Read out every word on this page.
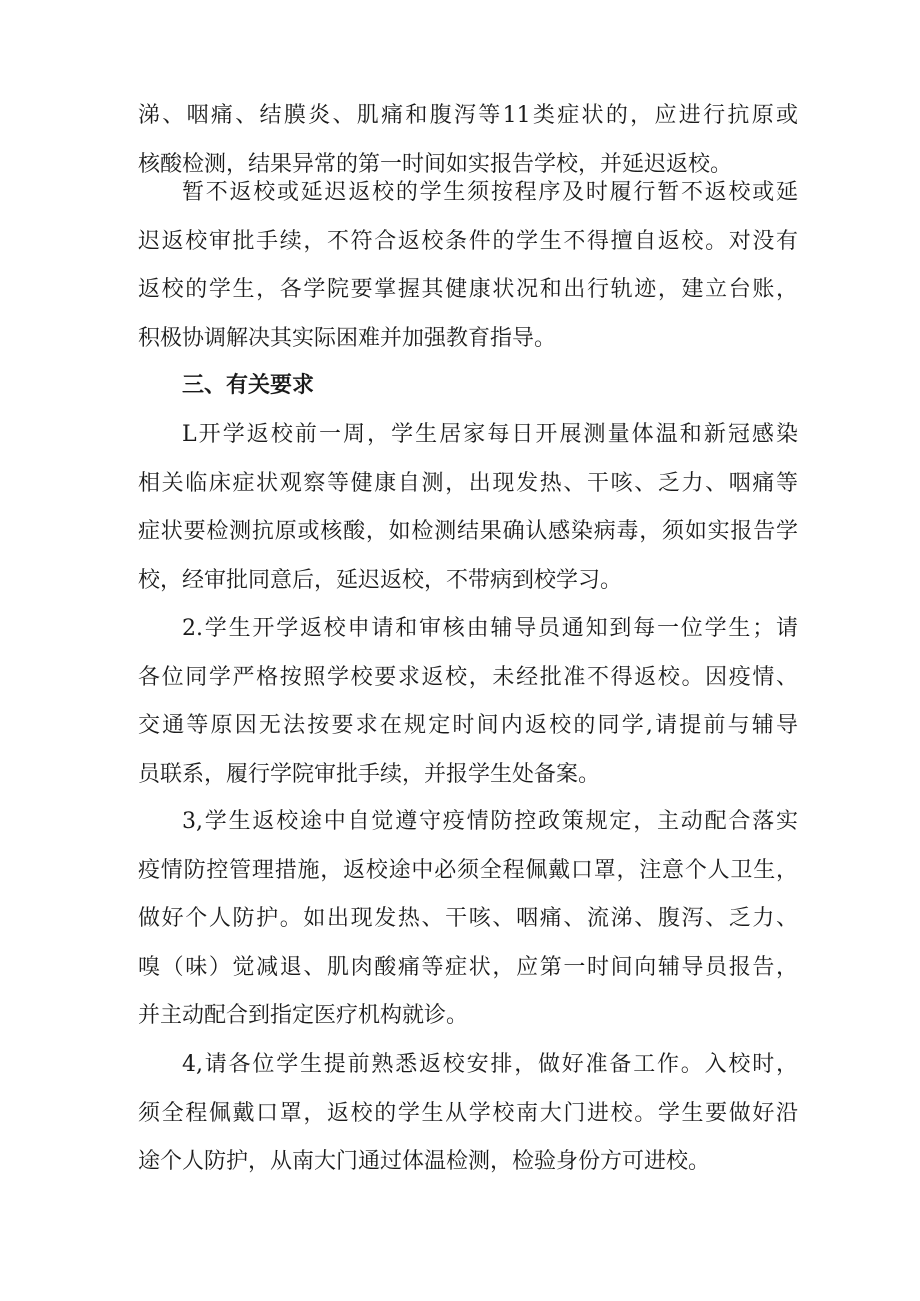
涕、咽痛、结膜炎、肌痛和腹泻等11类症状的，应进行抗原或
核酸检测，结果异常的第一时间如实报告学校，并延迟返校。
暂不返校或延迟返校的学生须按程序及时履行暂不返校或延
迟返校审批手续，不符合返校条件的学生不得擅自返校。对没有
返校的学生，各学院要掌握其健康状况和出行轨迹，建立台账，
积极协调解决其实际困难并加强教育指导。
三、有关要求
L开学返校前一周，学生居家每日开展测量体温和新冠感染
相关临床症状观察等健康自测，出现发热、干咳、乏力、咽痛等
症状要检测抗原或核酸，如检测结果确认感染病毒，须如实报告学
校，经审批同意后，延迟返校，不带病到校学习。
2.学生开学返校申请和审核由辅导员通知到每一位学生；请
各位同学严格按照学校要求返校，未经批准不得返校。因疫情、
交通等原因无法按要求在规定时间内返校的同学,请提前与辅导
员联系，履行学院审批手续，并报学生处备案。
3,学生返校途中自觉遵守疫情防控政策规定，主动配合落实
疫情防控管理措施，返校途中必须全程佩戴口罩，注意个人卫生，
做好个人防护。如出现发热、干咳、咽痛、流涕、腹泻、乏力、
嗅（味）觉减退、肌肉酸痛等症状，应第一时间向辅导员报告，
并主动配合到指定医疗机构就诊。
4,请各位学生提前熟悉返校安排，做好准备工作。入校时，
须全程佩戴口罩，返校的学生从学校南大门进校。学生要做好沿
途个人防护，从南大门通过体温检测，检验身份方可进校。
